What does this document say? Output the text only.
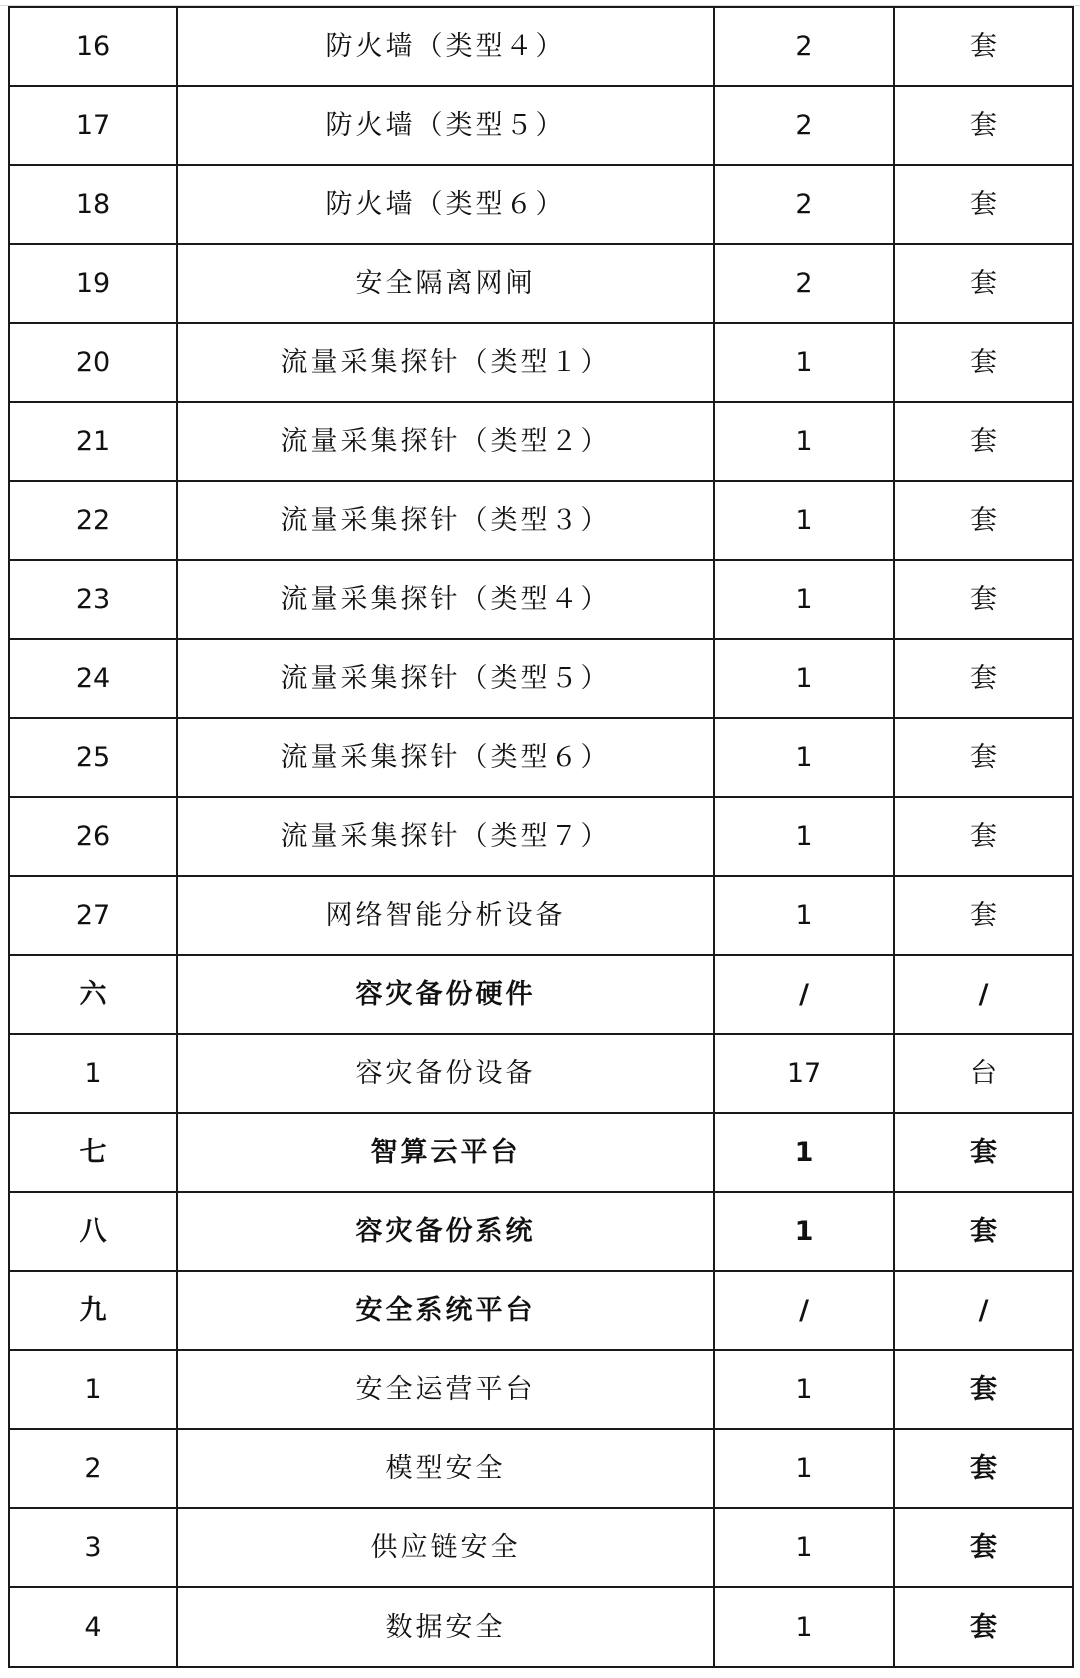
16	防火墙（类型４）	2	套
17	防火墙（类型５）	2	套
18	防火墙（类型６）	2	套
19	安全隔离网闸	2	套
20	流量采集探针（类型１）	1	套
21	流量采集探针（类型２）	1	套
22	流量采集探针（类型３）	1	套
23	流量采集探针（类型４）	1	套
24	流量采集探针（类型５）	1	套
25	流量采集探针（类型６）	1	套
26	流量采集探针（类型７）	1	套
27	网络智能分析设备	1	套
六	容灾备份硬件	/	/
1	容灾备份设备	17	台
七	智算云平台	1	套
八	容灾备份系统	1	套
九	安全系统平台	/	/
1	安全运营平台	1	套
2	模型安全	1	套
3	供应链安全	1	套
4	数据安全	1	套
